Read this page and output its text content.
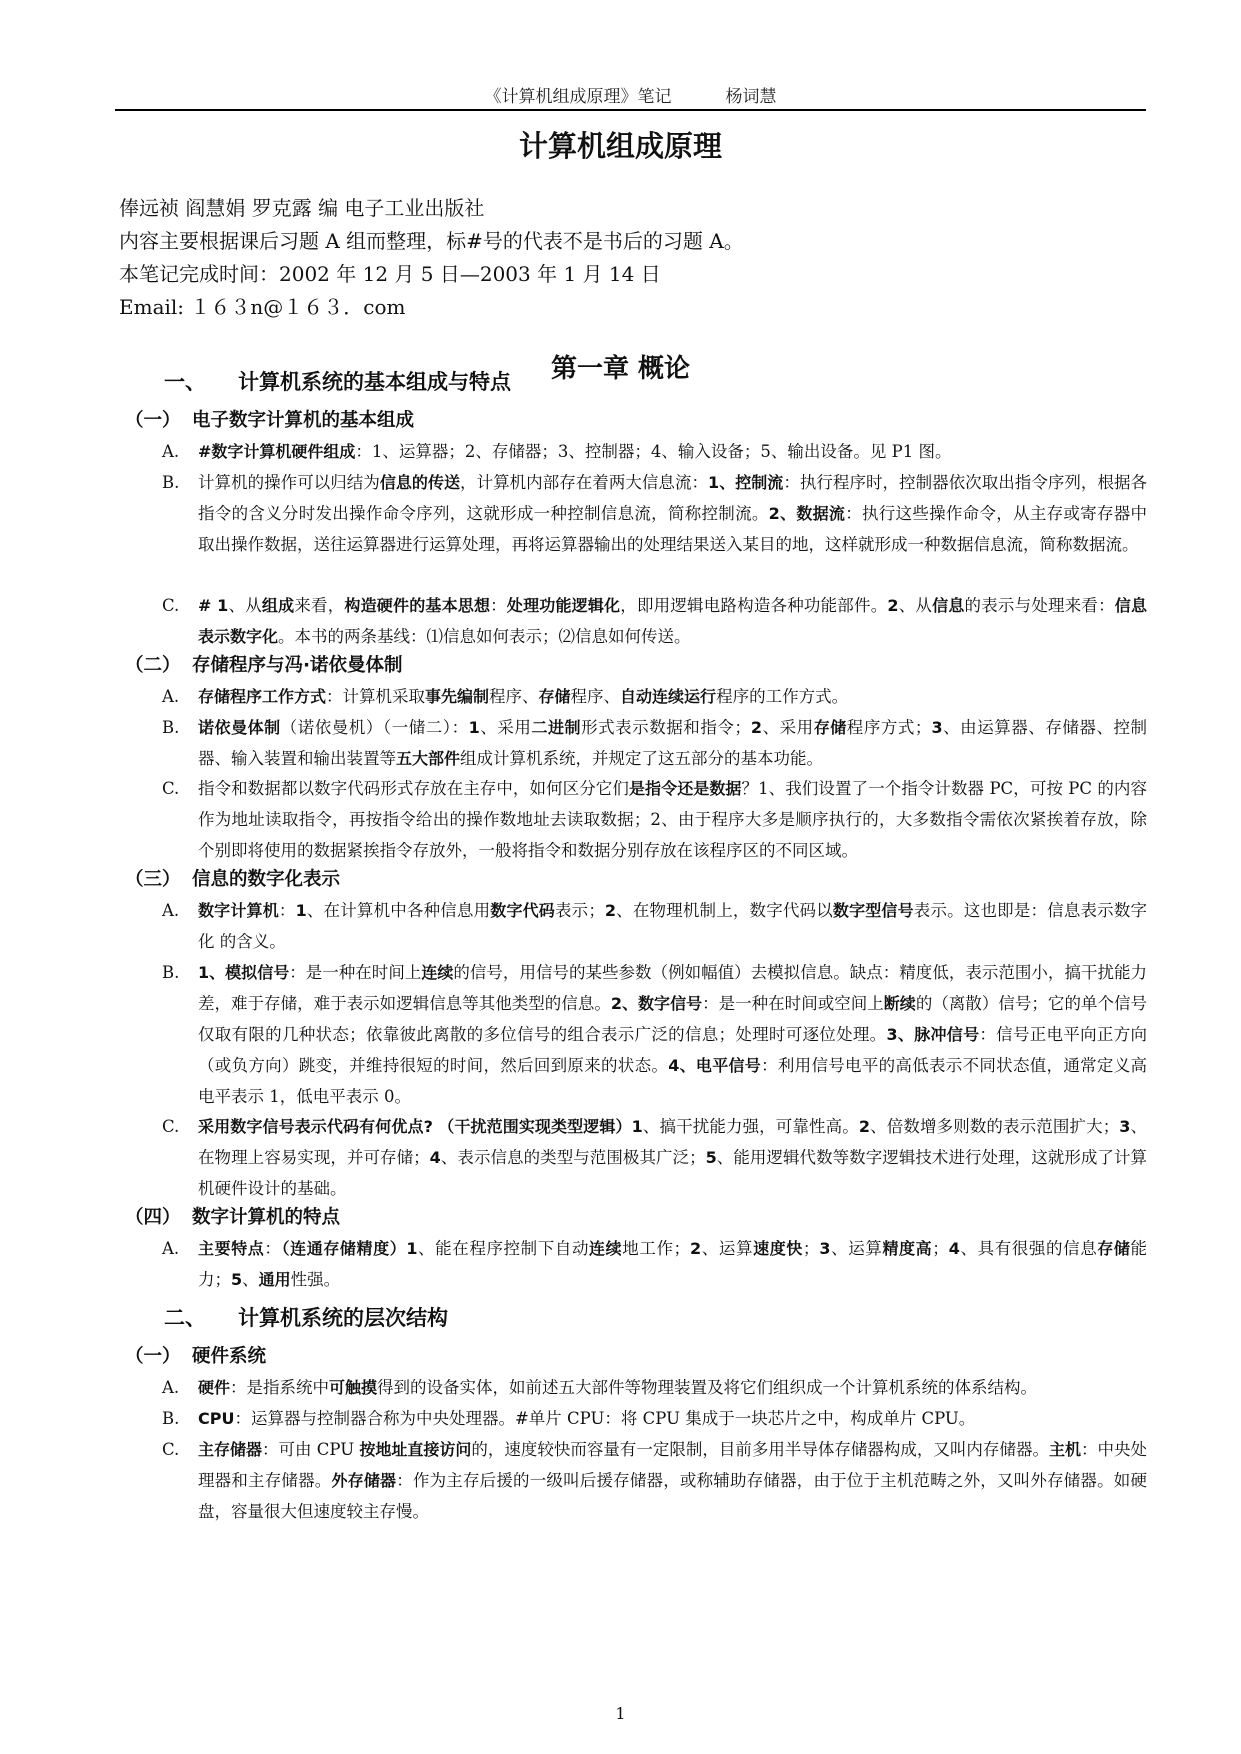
《计算机组成原理》笔记	杨词慧
计算机组成原理
俸远祯 阎慧娟 罗克露 编 电子工业出版社
内容主要根据课后习题 A 组而整理，标#号的代表不是书后的习题 A。
本笔记完成时间：2002 年 12 月 5 日—2003 年 1 月 14 日
Email: １６３n@１６３．com
第一章 概论
一、 计算机系统的基本组成与特点
（一） 电子数字计算机的基本组成
A.	#数字计算机硬件组成：1、运算器；2、存储器；3、控制器；4、输入设备；5、输出设备。见 P1 图。
B.	计算机的操作可以归结为信息的传送，计算机内部存在着两大信息流：1、控制流：执行程序时，控制器依次取出指令序列，根据各指令的含义分时发出操作命令序列，这就形成一种控制信息流，简称控制流。2、数据流：执行这些操作命令，从主存或寄存器中取出操作数据，送往运算器进行运算处理，再将运算器输出的处理结果送入某目的地，这样就形成一种数据信息流，简称数据流。
C.	# 1、从组成来看，构造硬件的基本思想：处理功能逻辑化，即用逻辑电路构造各种功能部件。2、从信息的表示与处理来看：信息表示数字化。本书的两条基线：⑴信息如何表示；⑵信息如何传送。
（二） 存储程序与冯·诺依曼体制
A.	存储程序工作方式：计算机采取事先编制程序、存储程序、自动连续运行程序的工作方式。
B.	诺依曼体制（诺依曼机）（一储二）：1、采用二进制形式表示数据和指令；2、采用存储程序方式；3、由运算器、存储器、控制器、输入装置和输出装置等五大部件组成计算机系统，并规定了这五部分的基本功能。
C.	指令和数据都以数字代码形式存放在主存中，如何区分它们是指令还是数据？1、我们设置了一个指令计数器 PC，可按 PC 的内容作为地址读取指令，再按指令给出的操作数地址去读取数据；2、由于程序大多是顺序执行的，大多数指令需依次紧挨着存放，除个别即将使用的数据紧挨指令存放外，一般将指令和数据分别存放在该程序区的不同区域。
（三） 信息的数字化表示
A.	数字计算机：1、在计算机中各种信息用数字代码表示；2、在物理机制上，数字代码以数字型信号表示。这也即是：信息表示数字化 的含义。
B.	1、模拟信号：是一种在时间上连续的信号，用信号的某些参数（例如幅值）去模拟信息。缺点：精度低，表示范围小，搞干扰能力差，难于存储，难于表示如逻辑信息等其他类型的信息。2、数字信号：是一种在时间或空间上断续的（离散）信号；它的单个信号仅取有限的几种状态；依靠彼此离散的多位信号的组合表示广泛的信息；处理时可逐位处理。3、脉冲信号：信号正电平向正方向（或负方向）跳变，并维持很短的时间，然后回到原来的状态。4、电平信号：利用信号电平的高低表示不同状态值，通常定义高电平表示 1，低电平表示 0。
C.	采用数字信号表示代码有何优点? （干扰范围实现类型逻辑）1、搞干扰能力强，可靠性高。2、倍数增多则数的表示范围扩大；3、在物理上容易实现，并可存储；4、表示信息的类型与范围极其广泛；5、能用逻辑代数等数字逻辑技术进行处理，这就形成了计算机硬件设计的基础。
（四） 数字计算机的特点
A.	主要特点：（连通存储精度）1、能在程序控制下自动连续地工作；2、运算速度快；3、运算精度高；4、具有很强的信息存储能力；5、通用性强。
二、 计算机系统的层次结构
（一） 硬件系统
A.	硬件：是指系统中可触摸得到的设备实体，如前述五大部件等物理装置及将它们组织成一个计算机系统的体系结构。
B.	CPU：运算器与控制器合称为中央处理器。#单片 CPU：将 CPU 集成于一块芯片之中，构成单片 CPU。
C.	主存储器：可由 CPU 按地址直接访问的，速度较快而容量有一定限制，目前多用半导体存储器构成，又叫内存储器。主机：中央处理器和主存储器。外存储器：作为主存后援的一级叫后援存储器，或称辅助存储器，由于位于主机范畴之外，又叫外存储器。如硬盘，容量很大但速度较主存慢。
1
